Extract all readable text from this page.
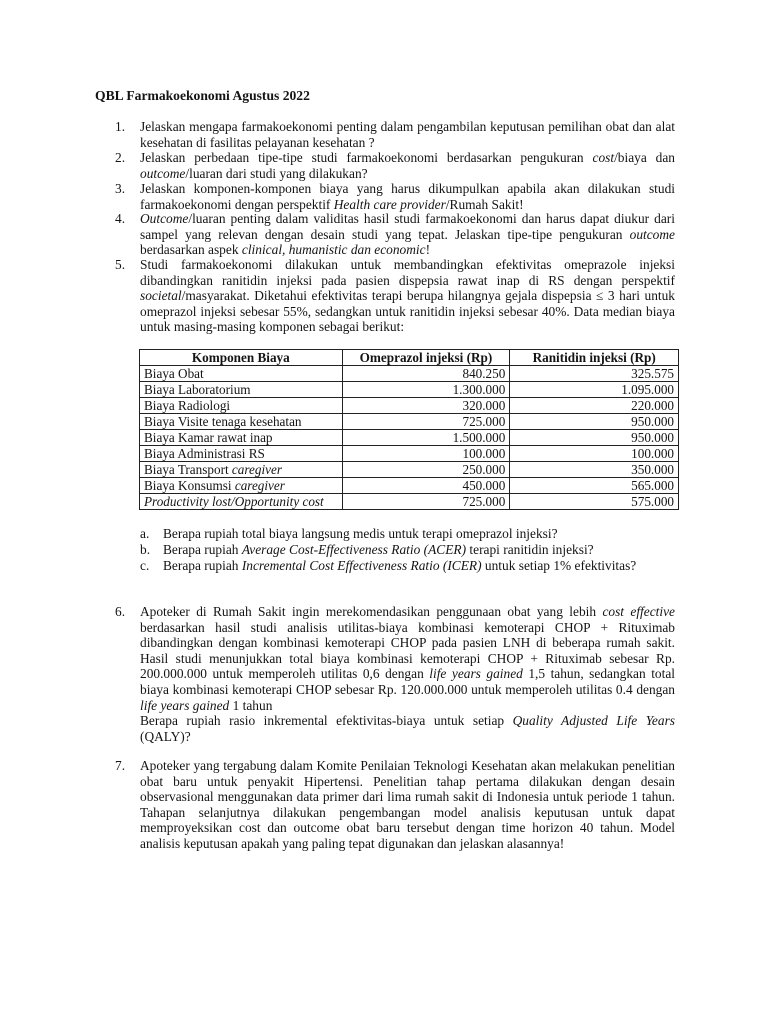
QBL Farmakoekonomi Agustus 2022
1. Jelaskan mengapa farmakoekonomi penting dalam pengambilan keputusan pemilihan obat dan alat kesehatan di fasilitas pelayanan kesehatan ?
2. Jelaskan perbedaan tipe-tipe studi farmakoekonomi berdasarkan pengukuran cost/biaya dan outcome/luaran dari studi yang dilakukan?
3. Jelaskan komponen-komponen biaya yang harus dikumpulkan apabila akan dilakukan studi farmakoekonomi dengan perspektif Health care provider/Rumah Sakit!
4. Outcome/luaran penting dalam validitas hasil studi farmakoekonomi dan harus dapat diukur dari sampel yang relevan dengan desain studi yang tepat. Jelaskan tipe-tipe pengukuran outcome berdasarkan aspek clinical, humanistic dan economic!
5. Studi farmakoekonomi dilakukan untuk membandingkan efektivitas omeprazole injeksi dibandingkan ranitidin injeksi pada pasien dispepsia rawat inap di RS dengan perspektif societal/masyarakat. Diketahui efektivitas terapi berupa hilangnya gejala dispepsia ≤ 3 hari untuk omeprazol injeksi sebesar 55%, sedangkan untuk ranitidin injeksi sebesar 40%. Data median biaya untuk masing-masing komponen sebagai berikut:
Komponen Biaya	Omeprazol injeksi (Rp)	Ranitidin injeksi (Rp)
Biaya Obat	840.250	325.575
Biaya Laboratorium	1.300.000	1.095.000
Biaya Radiologi	320.000	220.000
Biaya Visite tenaga kesehatan	725.000	950.000
Biaya Kamar rawat inap	1.500.000	950.000
Biaya Administrasi RS	100.000	100.000
Biaya Transport caregiver	250.000	350.000
Biaya Konsumsi caregiver	450.000	565.000
Productivity lost/Opportunity cost	725.000	575.000
a. Berapa rupiah total biaya langsung medis untuk terapi omeprazol injeksi?
b. Berapa rupiah Average Cost-Effectiveness Ratio (ACER) terapi ranitidin injeksi?
c. Berapa rupiah Incremental Cost Effectiveness Ratio (ICER) untuk setiap 1% efektivitas?
6. Apoteker di Rumah Sakit ingin merekomendasikan penggunaan obat yang lebih cost effective berdasarkan hasil studi analisis utilitas-biaya kombinasi kemoterapi CHOP + Rituximab dibandingkan dengan kombinasi kemoterapi CHOP pada pasien LNH di beberapa rumah sakit. Hasil studi menunjukkan total biaya kombinasi kemoterapi CHOP + Rituximab sebesar Rp. 200.000.000 untuk memperoleh utilitas 0,6 dengan life years gained 1,5 tahun, sedangkan total biaya kombinasi kemoterapi CHOP sebesar Rp. 120.000.000 untuk memperoleh utilitas 0.4 dengan life years gained 1 tahun
Berapa rupiah rasio inkremental efektivitas-biaya untuk setiap Quality Adjusted Life Years (QALY)?
7. Apoteker yang tergabung dalam Komite Penilaian Teknologi Kesehatan akan melakukan penelitian obat baru untuk penyakit Hipertensi. Penelitian tahap pertama dilakukan dengan desain observasional menggunakan data primer dari lima rumah sakit di Indonesia untuk periode 1 tahun. Tahapan selanjutnya dilakukan pengembangan model analisis keputusan untuk dapat memproyeksikan cost dan outcome obat baru tersebut dengan time horizon 40 tahun. Model analisis keputusan apakah yang paling tepat digunakan dan jelaskan alasannya!
